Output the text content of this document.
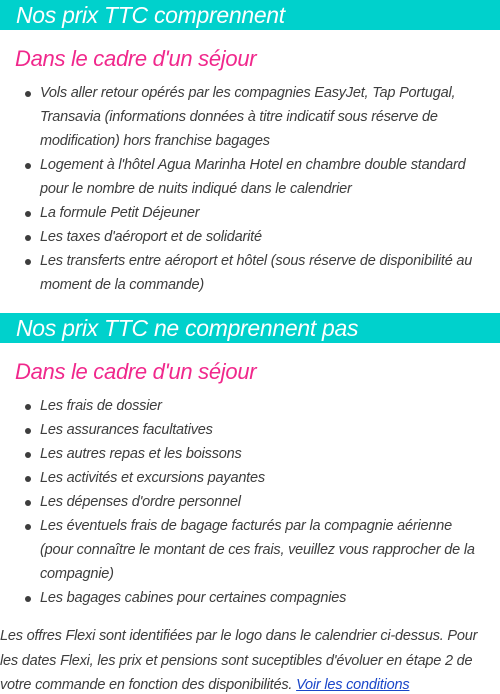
Nos prix TTC comprennent
Dans le cadre d'un séjour
Vols aller retour opérés par les compagnies EasyJet, Tap Portugal, Transavia (informations données à titre indicatif sous réserve de modification) hors franchise bagages
Logement à l'hôtel Agua Marinha Hotel en chambre double standard pour le nombre de nuits indiqué dans le calendrier
La formule Petit Déjeuner
Les taxes d'aéroport et de solidarité
Les transferts entre aéroport et hôtel (sous réserve de disponibilité au moment de la commande)
Nos prix TTC ne comprennent pas
Dans le cadre d'un séjour
Les frais de dossier
Les assurances facultatives
Les autres repas et les boissons
Les activités et excursions payantes
Les dépenses d'ordre personnel
Les éventuels frais de bagage facturés par la compagnie aérienne (pour connaître le montant de ces frais, veuillez vous rapprocher de la compagnie)
Les bagages cabines pour certaines compagnies

Les offres Flexi sont identifiées par le logo dans le calendrier ci-dessus. Pour les dates Flexi, les prix et pensions sont suceptibles d'évoluer en étape 2 de votre commande en fonction des disponibilités. Voir les conditions
